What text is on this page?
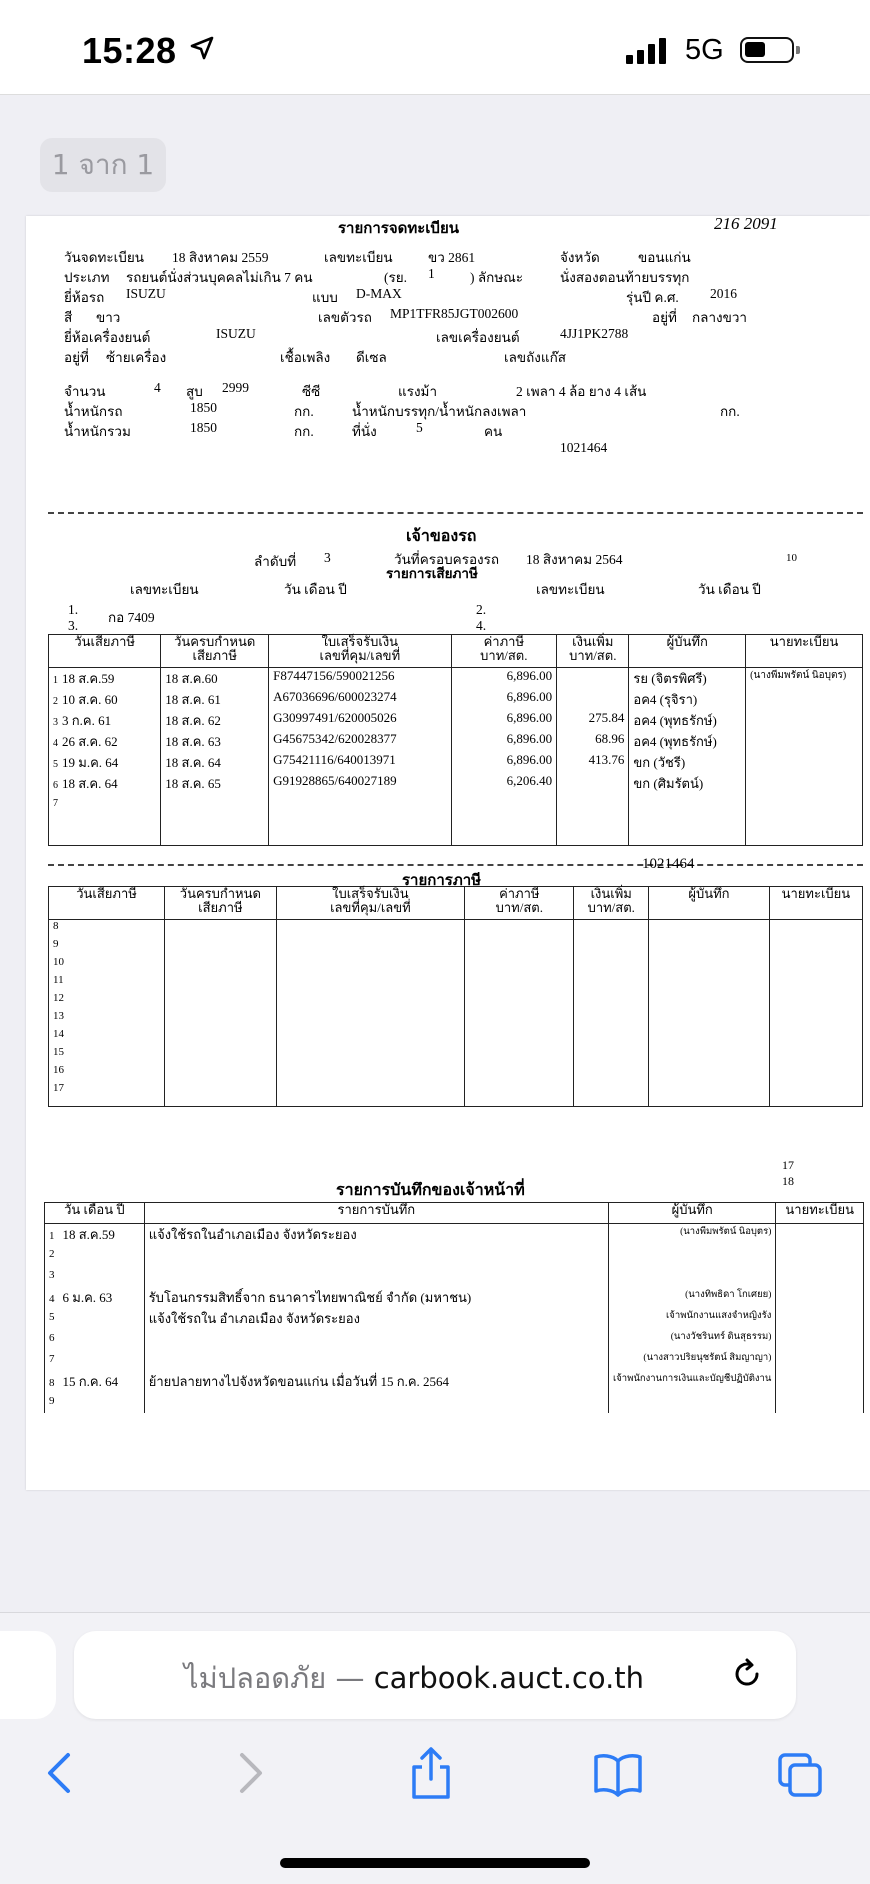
15:28	5G
1 จาก 1
รายการจดทะเบียน	216 2091
วันจดทะเบียน 18 สิงหาคม 2559	เลขทะเบียน	ขว 2861	จังหวัด	ขอนแก่น
ประเภท รถยนต์นั่งส่วนบุคคลไม่เกิน 7 คน	(รย. 1	) ลักษณะ	นั่งสองตอนท้ายบรรทุก
ยี่ห้อรถ ISUZU	แบบ D-MAX	รุ่นปี ค.ศ. 2016
สี ขาว	เลขตัวรถ MP1TFR85JGT002600	อยู่ที่ กลางขวา
ยี่ห้อเครื่องยนต์	ISUZU	เลขเครื่องยนต์	4JJ1PK2788
อยู่ที่ ซ้ายเครื่อง	เชื้อเพลิง ดีเซล	เลขถังแก๊ส
จำนวน	4 สูบ 2999	ซีซี	แรงม้า	2 เพลา 4 ล้อ ยาง 4 เส้น
น้ำหนักรถ	1850	กก.	น้ำหนักบรรทุก/น้ำหนักลงเพลา	กก.
น้ำหนักรวม	1850	กก.	ที่นั่ง	5	คน
1021464
เจ้าของรถ
ลำดับที่ 3	วันที่ครอบครองรถ 18 สิงหาคม 2564	10
รายการเสียภาษี
เลขทะเบียน	วัน เดือน ปี	เลขทะเบียน	วัน เดือน ปี
1.
กอ 7409
3.
2.
4.
วันเสียภาษี	วันครบกำหนด
เสียภาษี	ใบเสร็จรับเงิน
เลขที่คุม/เลขที่	ค่าภาษี
บาท/สต.	เงินเพิ่ม
บาท/สต.	ผู้บันทึก	นายทะเบียน
1 18 ส.ค.59	18 ส.ค.60	F87447156/590021256	6,896.00		รย (จิตรพิศรี)	(นางพีมพรัตน์ นิอบุตร)
2 10 ส.ค. 60	18 ส.ค. 61	A67036696/600023274	6,896.00		อค4 (รุจิรา)	
3 3 ก.ค. 61	18 ส.ค. 62	G30997491/620005026	6,896.00	275.84	อค4 (พุทธรักษ์)	
4 26 ส.ค. 62	18 ส.ค. 63	G45675342/620028377	6,896.00	68.96	อค4 (พุทธรักษ์)	
5 19 ม.ค. 64	18 ส.ค. 64	G75421116/640013971	6,896.00	413.76	ขก (วัชรี)	
6 18 ส.ค. 64	18 ส.ค. 65	G91928865/640027189	6,206.40		ขก (ศิมรัตน์)	
7						

1021464
รายการภาษี
วันเสียภาษี	วันครบกำหนด
เสียภาษี	ใบเสร็จรับเงิน
เลขที่คุม/เลขที่	ค่าภาษี
บาท/สต.	เงินเพิ่ม
บาท/สต.	ผู้บันทึก	นายทะเบียน
8						
9						
10						
11						
12						
13						
14						
15						
16						
17						

17
18
รายการบันทึกของเจ้าหน้าที่
วัน เดือน ปี	รายการบันทึก	ผู้บันทึก	นายทะเบียน
1 18 ส.ค.59	แจ้งใช้รถในอำเภอเมือง จังหวัดระยอง	(นางพีมพรัตน์ นิอบุตร)	
2			
3			
4 6 ม.ค. 63	รับโอนกรรมสิทธิ์จาก ธนาคารไทยพาณิชย์ จำกัด (มหาชน)	(นางทิพธิดา โกเศยย)	
5	แจ้งใช้รถใน อำเภอเมือง จังหวัดระยอง	เจ้าพนักงานแสงจำหญิงรัง	
6		(นางวัชรินทร์ ดินสุธรรม)	
7		(นางสาวปริยนุชรัตน์ สิมญาญา)	
8 15 ก.ค. 64	ย้ายปลายทางไปจังหวัดขอนแก่น เมื่อวันที่ 15 ก.ค. 2564	เจ้าพนักงานการเงินและบัญชีปฏิบัติงาน	
9			
ไม่ปลอดภัย — carbook.auct.co.th
